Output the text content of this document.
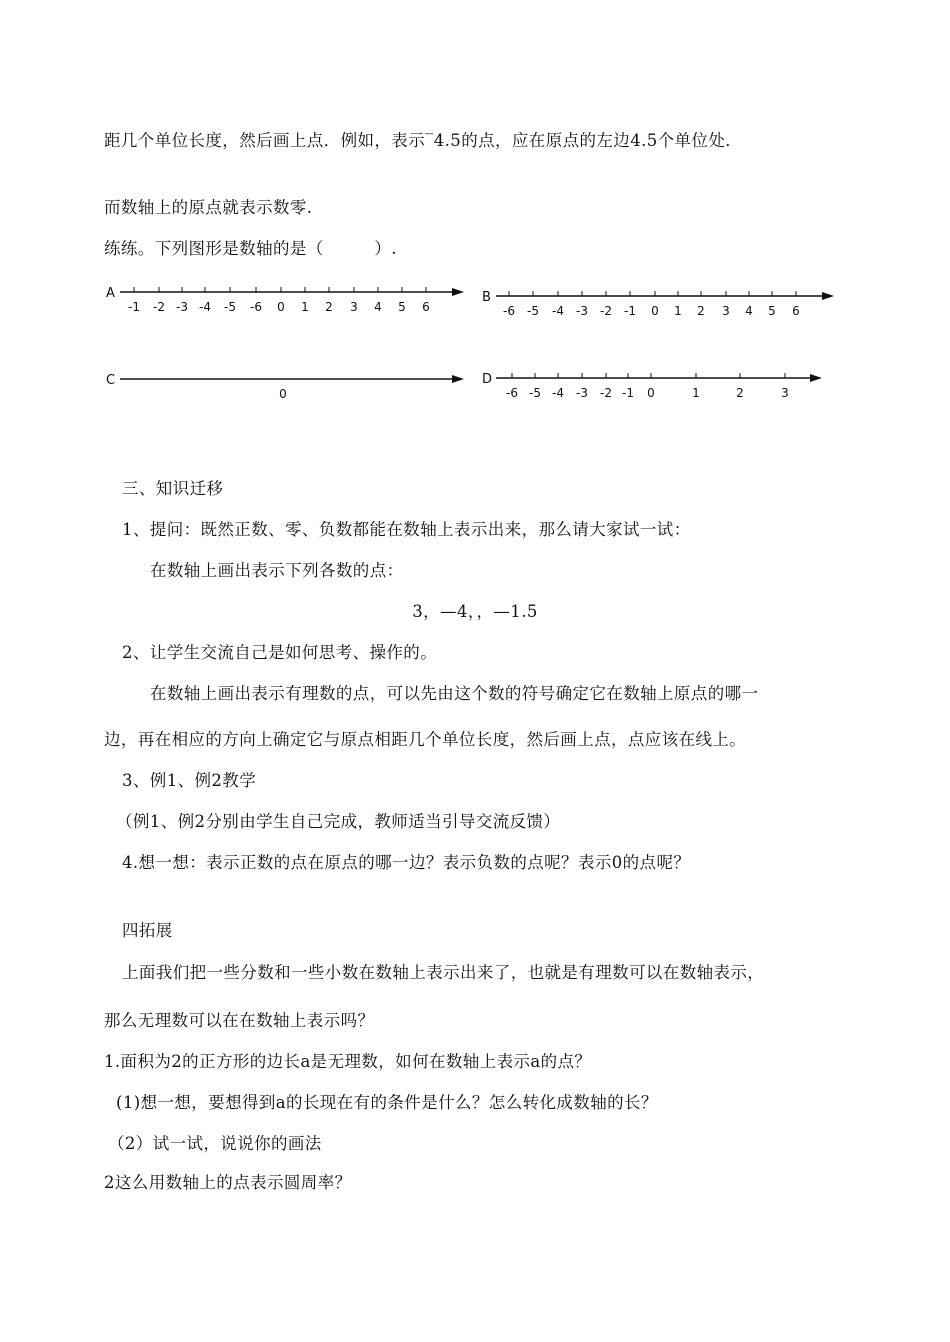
距几个单位长度，然后画上点．例如，表示‾4.5的点，应在原点的左边4.5个单位处．
而数轴上的原点就表示数零.
练练。下列图形是数轴的是（　　　）.
A
-1 -2 -3 -4 -5 -6 0 1 2 3 4 5 6
B
-6 -5 -4 -3 -2 -1 0 1 2 3 4 5 6
C
0
D
-6 -5 -4 -3 -2 -1 0	1	2	3
三、知识迁移
1、提问：既然正数、零、负数都能在数轴上表示出来，那么请大家试一试：
在数轴上画出表示下列各数的点：
3，—4，，—1.5
2、让学生交流自己是如何思考、操作的。
在数轴上画出表示有理数的点，可以先由这个数的符号确定它在数轴上原点的哪一
边，再在相应的方向上确定它与原点相距几个单位长度，然后画上点，点应该在线上。
3、例1、例2教学
（例1、例2分别由学生自己完成，教师适当引导交流反馈）
4.想一想：表示正数的点在原点的哪一边？表示负数的点呢？表示0的点呢？
四拓展
上面我们把一些分数和一些小数在数轴上表示出来了，也就是有理数可以在数轴表示，
那么无理数可以在在数轴上表示吗？
1.面积为2的正方形的边长a是无理数，如何在数轴上表示a的点？
(1)想一想，要想得到a的长现在有的条件是什么？怎么转化成数轴的长？
（2）试一试，说说你的画法
2这么用数轴上的点表示圆周率？
